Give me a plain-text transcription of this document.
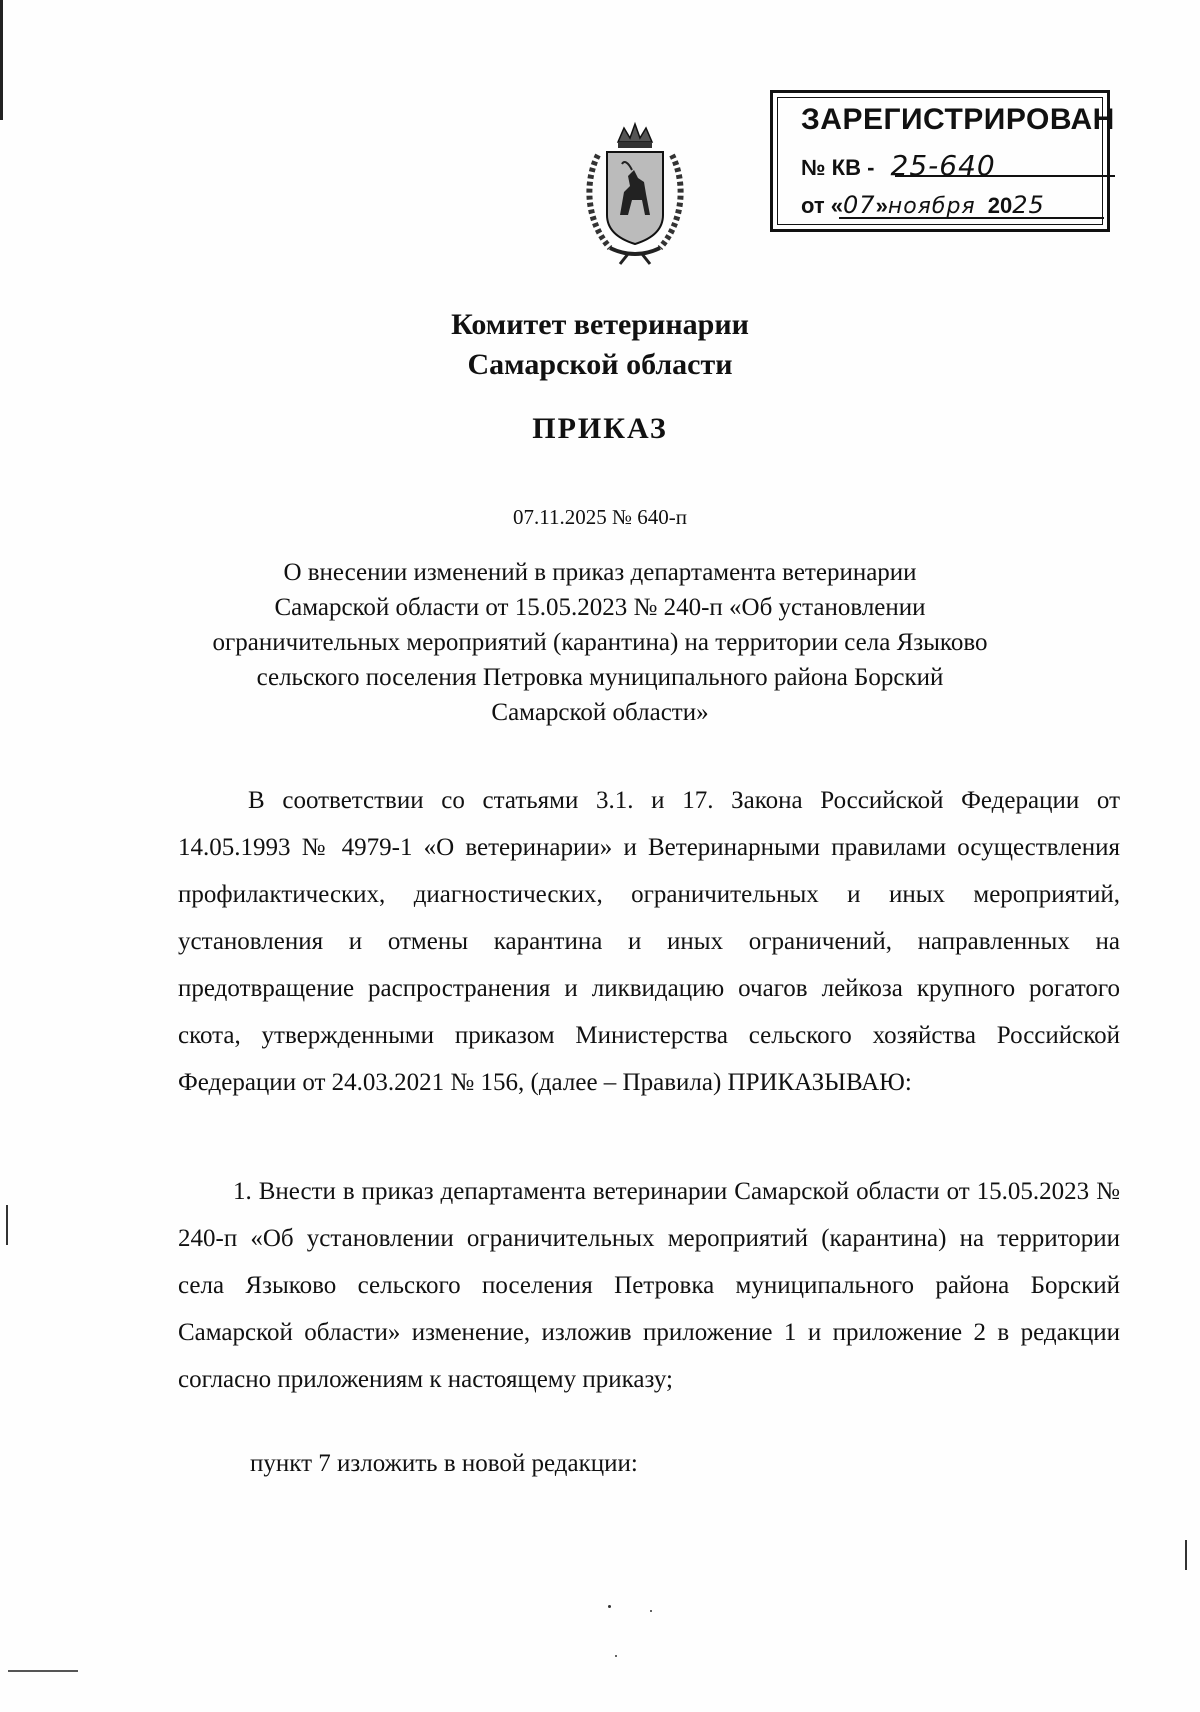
ЗАРЕГИСТРИРОВАН
№ КВ - 25-640
от «07»ноября 2025
Комитет ветеринарии
Самарской области
ПРИКАЗ
07.11.2025 № 640-п
О внесении изменений в приказ департамента ветеринарии
Самарской области от 15.05.2023 № 240-п «Об установлении
ограничительных мероприятий (карантина) на территории села Языково
сельского поселения Петровка муниципального района Борский
Самарской области»

В соответствии со статьями 3.1. и 17. Закона Российской Федерации от 14.05.1993 № 4979-1 «О ветеринарии» и Ветеринарными правилами осуществления профилактических, диагностических, ограничительных и иных мероприятий, установления и отмены карантина и иных ограничений, направленных на предотвращение распространения и ликвидацию очагов лейкоза крупного рогатого скота, утвержденными приказом Министерства сельского хозяйства Российской Федерации от 24.03.2021 № 156, (далее – Правила) ПРИКАЗЫВАЮ:

1. Внести в приказ департамента ветеринарии Самарской области от 15.05.2023 № 240-п «Об установлении ограничительных мероприятий (карантина) на территории села Языково сельского поселения Петровка муниципального района Борский Самарской области» изменение, изложив приложение 1 и приложение 2 в редакции согласно приложениям к настоящему приказу;

пункт 7 изложить в новой редакции:
